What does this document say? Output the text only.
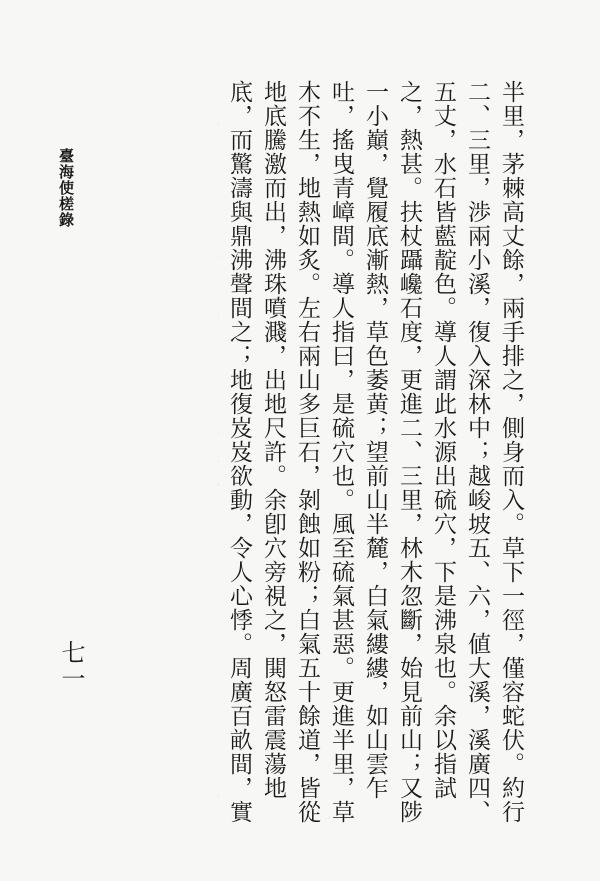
臺海使槎錄
七一

半里，茅棘高丈餘，兩手排之，側身而入。草下一徑，僅容蛇伏。約行二、三里，渉兩小溪，復入深林中；越峻坡五、六，値大溪，溪廣四、五丈，水石皆藍靛色。導人謂此水源出硫穴，下是沸泉也。余以指試之，熱甚。扶杖躡巉石度，更進二、三里，林木忽斷，始見前山；又陟一小巔，覺履底漸熱，草色萎黄；望前山半麓，白氣縷縷，如山雲乍吐，搖曳青嶂間。導人指曰，是硫穴也。風至硫氣甚惡。更進半里，草木不生，地熱如炙。左右兩山多巨石，剝蝕如粉；白氣五十餘道，皆從地底騰激而出，沸珠噴濺，出地尺許。余卽穴旁視之，閧怒雷震蕩地底，而驚濤與鼎沸聲間之；地復岌岌欲動，令人心悸。周廣百畝間，實
